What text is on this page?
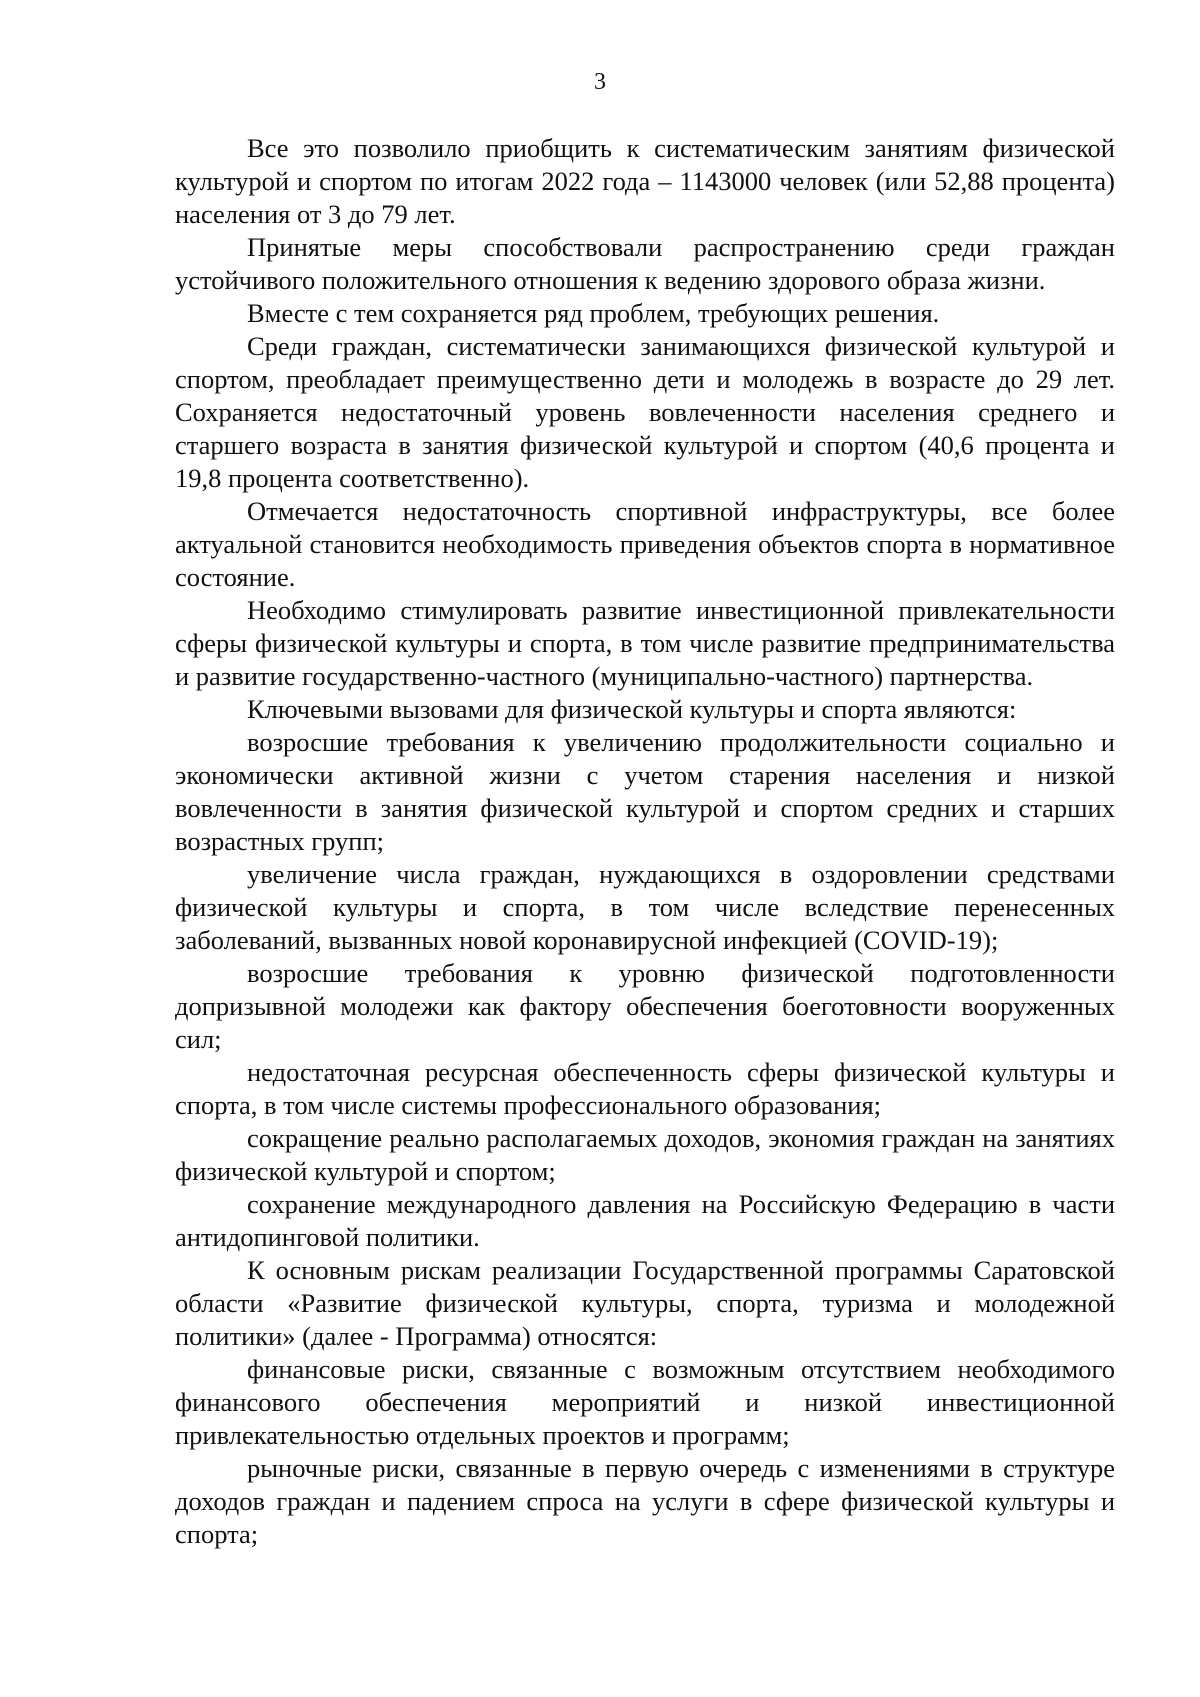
3

Все это позволило приобщить к систематическим занятиям физической культурой и спортом по итогам 2022 года – 1143000 человек (или 52,88 процента) населения от 3 до 79 лет.

Принятые меры способствовали распространению среди граждан устойчивого положительного отношения к ведению здорового образа жизни.

Вместе с тем сохраняется ряд проблем, требующих решения.

Среди граждан, систематически занимающихся физической культурой и спортом, преобладает преимущественно дети и молодежь в возрасте до 29 лет. Сохраняется недостаточный уровень вовлеченности населения среднего и старшего возраста в занятия физической культурой и спортом (40,6 процента и 19,8 процента соответственно).

Отмечается недостаточность спортивной инфраструктуры, все более актуальной становится необходимость приведения объектов спорта в нормативное состояние.

Необходимо стимулировать развитие инвестиционной привлекательности сферы физической культуры и спорта, в том числе развитие предпринимательства и развитие государственно-частного (муниципально-частного) партнерства.

Ключевыми вызовами для физической культуры и спорта являются:

возросшие требования к увеличению продолжительности социально и экономически активной жизни с учетом старения населения и низкой вовлеченности в занятия физической культурой и спортом средних и старших возрастных групп;

увеличение числа граждан, нуждающихся в оздоровлении средствами физической культуры и спорта, в том числе вследствие перенесенных заболеваний, вызванных новой коронавирусной инфекцией (COVID-19);

возросшие требования к уровню физической подготовленности допризывной молодежи как фактору обеспечения боеготовности вооруженных сил;

недостаточная ресурсная обеспеченность сферы физической культуры и спорта, в том числе системы профессионального образования;

сокращение реально располагаемых доходов, экономия граждан на занятиях физической культурой и спортом;

сохранение международного давления на Российскую Федерацию в части антидопинговой политики.

К основным рискам реализации Государственной программы Саратовской области «Развитие физической культуры, спорта, туризма и молодежной политики» (далее - Программа) относятся:

финансовые риски, связанные с возможным отсутствием необходимого финансового обеспечения мероприятий и низкой инвестиционной привлекательностью отдельных проектов и программ;

рыночные риски, связанные в первую очередь с изменениями в структуре доходов граждан и падением спроса на услуги в сфере физической культуры и спорта;
